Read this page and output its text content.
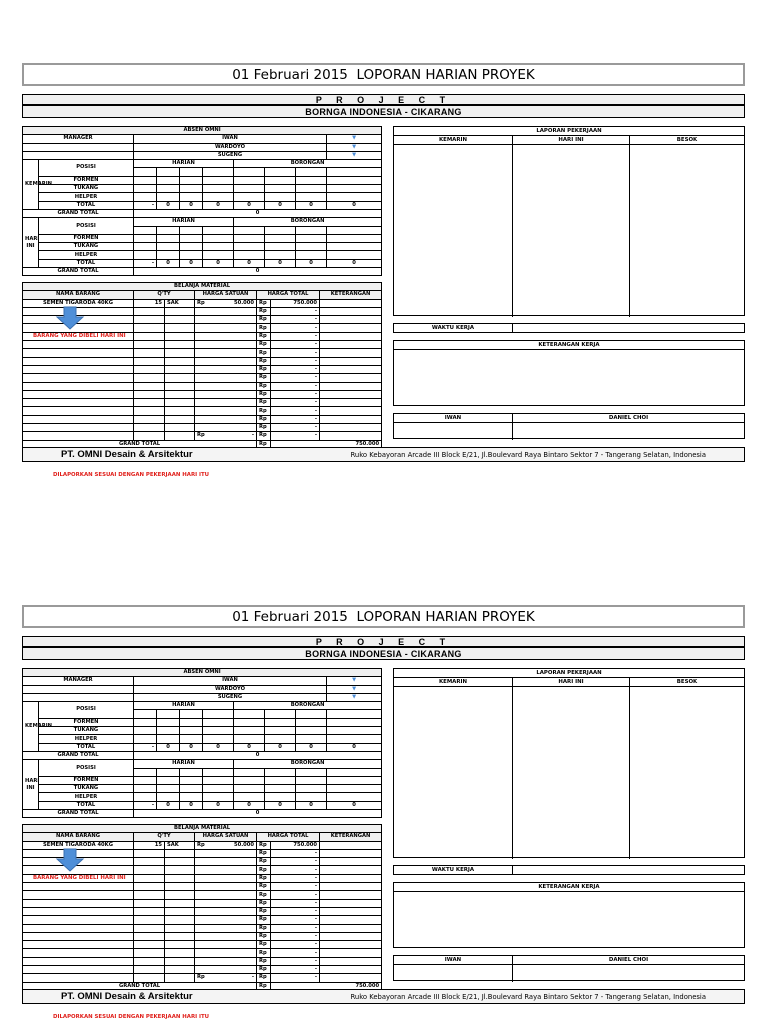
01 Februari 2015
LOPORAN HARIAN PROYEK
P R O J E C T
BORNGA INDONESIA - CIKARANG
ABSEN OMNI									
MANAGER		IWAN							▼
		WARDOYO							▼
		SUGENG							▼
KEMARIN	POSISI	HARIAN				BORONGAN			

	FORMEN								
	TUKANG								
	HELPER								
	TOTAL	-	0	0	0	0	0	0	0
GRAND TOTAL		0							
HARI INI	POSISI	HARIAN				BORONGAN			

	FORMEN								
	TUKANG								
	HELPER								
	TOTAL	-	0	0	0	0	0	0	0
GRAND TOTAL		0							
BELANJA MATERIAL						
NAMA BARANG	Q'TY		HARGA SATUAN	HARGA TOTAL		KETERANGAN
SEMEN TIGARODA 40KG	15	SAK	Rp 50.000	Rp	750.000	
				Rp	-	
				Rp	-	
				Rp	-	
				Rp	-	
				Rp	-	
				Rp	-	
				Rp	-	
				Rp	-	
				Rp	-	
				Rp	-	
				Rp	-	
				Rp	-	
				Rp	-	
				Rp	-	
				Rp	-	
			Rp -	Rp	-	
GRAND TOTAL				Rp	750.000	
BARANG YANG DIBELI HARI INI
LAPORAN PEKERJAAN
KEMARIN	HARI INI	BESOK
WAKTU KERJA
KETERANGAN KERJA
IWAN	DANIEL CHOI
PT. OMNI Desain & Arsitektur	Ruko Kebayoran Arcade III Block E/21, Jl.Boulevard Raya Bintaro Sektor 7 - Tangerang Selatan, Indonesia
DILAPORKAN SESUAI DENGAN PEKERJAAN HARI ITU
01 Februari 2015
LOPORAN HARIAN PROYEK
P R O J E C T
BORNGA INDONESIA - CIKARANG
ABSEN OMNI									
MANAGER		IWAN							▼
		WARDOYO							▼
		SUGENG							▼
KEMARIN	POSISI	HARIAN				BORONGAN			

	FORMEN								
	TUKANG								
	HELPER								
	TOTAL	-	0	0	0	0	0	0	0
GRAND TOTAL		0							
HARI INI	POSISI	HARIAN				BORONGAN			

	FORMEN								
	TUKANG								
	HELPER								
	TOTAL	-	0	0	0	0	0	0	0
GRAND TOTAL		0							
BELANJA MATERIAL						
NAMA BARANG	Q'TY		HARGA SATUAN	HARGA TOTAL		KETERANGAN
SEMEN TIGARODA 40KG	15	SAK	Rp 50.000	Rp	750.000	
				Rp	-	
				Rp	-	
				Rp	-	
				Rp	-	
				Rp	-	
				Rp	-	
				Rp	-	
				Rp	-	
				Rp	-	
				Rp	-	
				Rp	-	
				Rp	-	
				Rp	-	
				Rp	-	
				Rp	-	
			Rp -	Rp	-	
GRAND TOTAL				Rp	750.000	
BARANG YANG DIBELI HARI INI
LAPORAN PEKERJAAN
KEMARIN	HARI INI	BESOK
WAKTU KERJA
KETERANGAN KERJA
IWAN	DANIEL CHOI
PT. OMNI Desain & Arsitektur	Ruko Kebayoran Arcade III Block E/21, Jl.Boulevard Raya Bintaro Sektor 7 - Tangerang Selatan, Indonesia
DILAPORKAN SESUAI DENGAN PEKERJAAN HARI ITU
